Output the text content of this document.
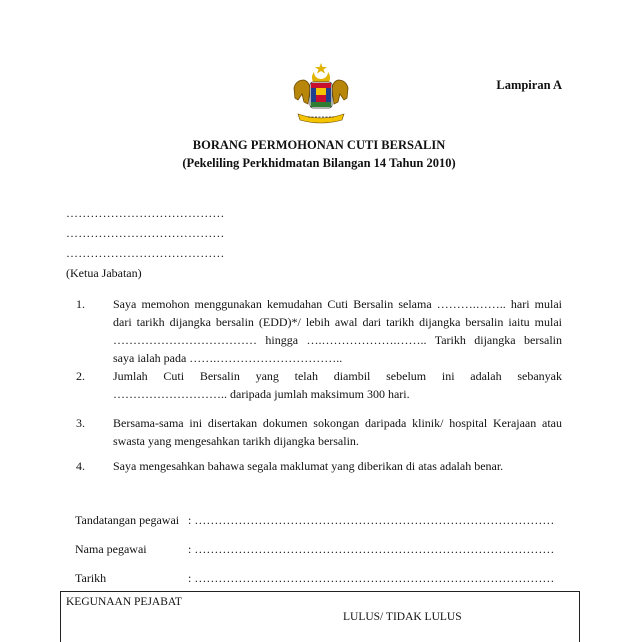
Lampiran A
BORANG PERMOHONAN CUTI BERSALIN
(Pekeliling Perkhidmatan Bilangan 14 Tahun 2010)
…………………………………
…………………………………
…………………………………
(Ketua Jabatan)
1. Saya memohon menggunakan kemudahan Cuti Bersalin selama ……….…….. hari mulai
dari tarikh dijangka bersalin (EDD)*/ lebih awal dari tarikh dijangka bersalin iaitu mulai
……………………………… hingga ….……………….…….. Tarikh dijangka bersalin
saya ialah pada …….…………………………..
2. Jumlah Cuti Bersalin yang telah diambil sebelum ini adalah sebanyak
……………………….. daripada jumlah maksimum 300 hari.
3. Bersama-sama ini disertakan dokumen sokongan daripada klinik/ hospital Kerajaan atau
swasta yang mengesahkan tarikh dijangka bersalin.
4. Saya mengesahkan bahawa segala maklumat yang diberikan di atas adalah benar.
Tandatangan pegawai : ………………………………………………………………………………
Nama pegawai	: ………………………………………………………………………………
Tarikh	: ………………………………………………………………………………
KEGUNAAN PEJABAT
LULUS/ TIDAK LULUS
